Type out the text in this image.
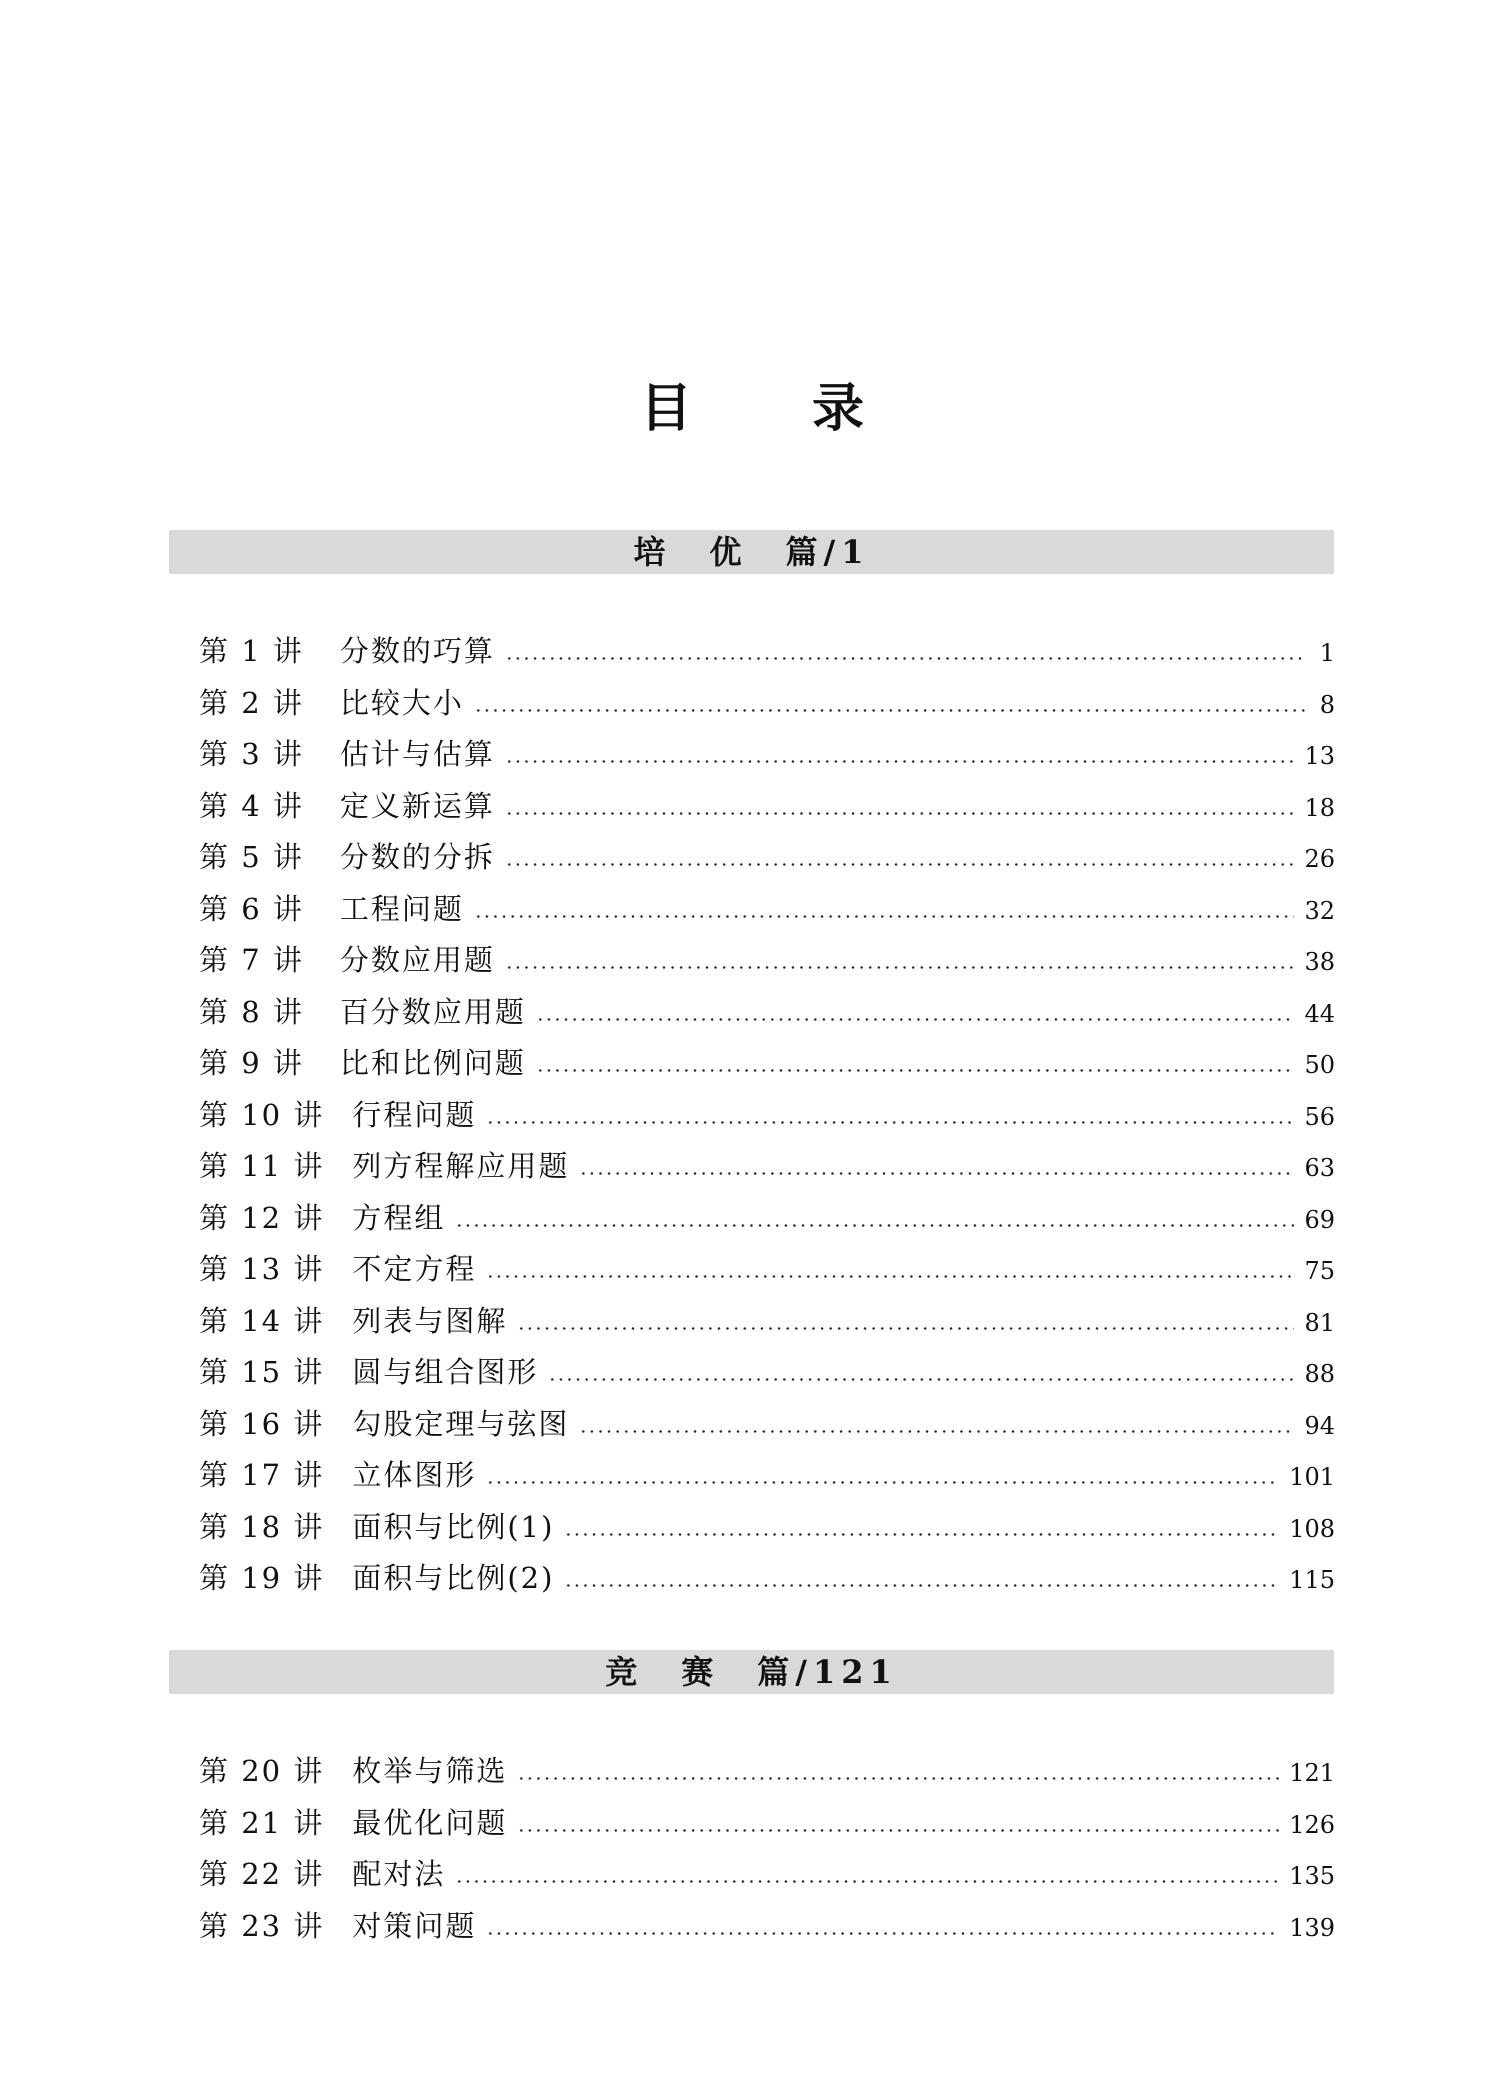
目 录
培　优　篇/1
第 1 讲 分数的巧算	1
第 2 讲 比较大小	8
第 3 讲 估计与估算	13
第 4 讲 定义新运算	18
第 5 讲 分数的分拆	26
第 6 讲 工程问题	32
第 7 讲 分数应用题	38
第 8 讲 百分数应用题	44
第 9 讲 比和比例问题	50
第 10 讲 行程问题	56
第 11 讲 列方程解应用题	63
第 12 讲 方程组	69
第 13 讲 不定方程	75
第 14 讲 列表与图解	81
第 15 讲 圆与组合图形	88
第 16 讲 勾股定理与弦图	94
第 17 讲 立体图形	101
第 18 讲 面积与比例(1)	108
第 19 讲 面积与比例(2)	115
竞　赛　篇/121
第 20 讲 枚举与筛选	121
第 21 讲 最优化问题	126
第 22 讲 配对法	135
第 23 讲 对策问题	139
